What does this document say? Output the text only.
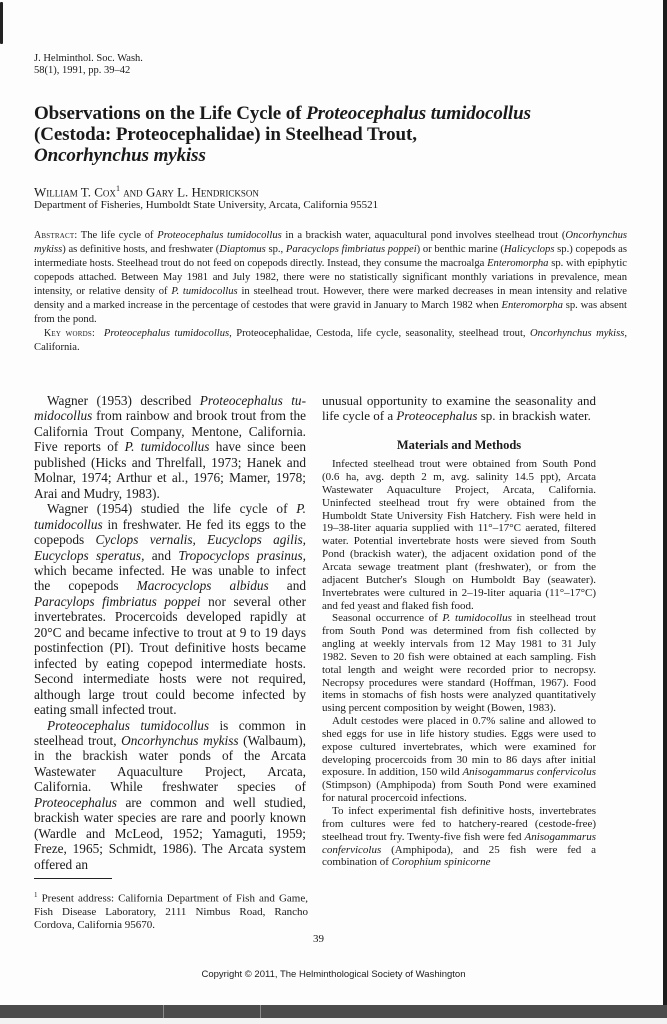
J. Helminthol. Soc. Wash.
58(1), 1991, pp. 39–42
Observations on the Life Cycle of Proteocephalus tumidocollus
(Cestoda: Proteocephalidae) in Steelhead Trout,
Oncorhynchus mykiss
William T. Cox$^1$ and Gary L. Hendrickson
Department of Fisheries, Humboldt State University, Arcata, California 95521
Abstract: The life cycle of Proteocephalus tumidocollus in a brackish water, aquacultural pond involves steelhead trout (Oncorhynchus mykiss) as definitive hosts, and freshwater (Diaptomus sp., Paracyclops fimbriatus poppei) or benthic marine (Halicyclops sp.) copepods as intermediate hosts. Steelhead trout do not feed on copepods directly. Instead, they consume the macroalga Enteromorpha sp. with epiphytic copepods attached. Between May 1981 and July 1982, there were no statistically significant monthly variations in prevalence, mean intensity, or relative density of P. tumidocollus in steelhead trout. However, there were marked decreases in mean intensity and relative density and a marked increase in the percentage of cestodes that were gravid in January to March 1982 when Enteromorpha sp. was absent from the pond.
Key words: Proteocephalus tumidocollus, Proteocephalidae, Cestoda, life cycle, seasonality, steelhead trout, Oncorhynchus mykiss, California.

Wagner (1953) described Proteocephalus tu-midocollus from rainbow and brook trout from the California Trout Company, Mentone, California. Five reports of P. tumidocollus have since been published (Hicks and Threlfall, 1973; Hanek and Molnar, 1974; Arthur et al., 1976; Mamer, 1978; Arai and Mudry, 1983).

Wagner (1954) studied the life cycle of P. tumidocollus in freshwater. He fed its eggs to the copepods Cyclops vernalis, Eucyclops agilis, Eucyclops speratus, and Tropocyclops prasinus, which became infected. He was unable to infect the copepods Macrocyclops albidus and Paracylops fimbriatus poppei nor several other invertebrates. Procercoids developed rapidly at 20°C and became infective to trout at 9 to 19 days postinfection (PI). Trout definitive hosts became infected by eating copepod intermediate hosts. Second intermediate hosts were not required, although large trout could become infected by eating small infected trout.

Proteocephalus tumidocollus is common in steelhead trout, Oncorhynchus mykiss (Walbaum), in the brackish water ponds of the Arcata Wastewater Aquaculture Project, Arcata, California. While freshwater species of Proteocephalus are common and well studied, brackish water species are rare and poorly known (Wardle and McLeod, 1952; Yamaguti, 1959; Freze, 1965; Schmidt, 1986). The Arcata system offered an

unusual opportunity to examine the seasonality and life cycle of a Proteocephalus sp. in brackish water.

Materials and Methods

Infected steelhead trout were obtained from South Pond (0.6 ha, avg. depth 2 m, avg. salinity 14.5 ppt), Arcata Wastewater Aquaculture Project, Arcata, California. Uninfected steelhead trout fry were obtained from the Humboldt State University Fish Hatchery. Fish were held in 19–38-liter aquaria supplied with 11°–17°C aerated, filtered water. Potential invertebrate hosts were sieved from South Pond (brackish water), the adjacent oxidation pond of the Arcata sewage treatment plant (freshwater), or from the adjacent Butcher's Slough on Humboldt Bay (seawater). Invertebrates were cultured in 2–19-liter aquaria (11°–17°C) and fed yeast and flaked fish food.

Seasonal occurrence of P. tumidocollus in steelhead trout from South Pond was determined from fish collected by angling at weekly intervals from 12 May 1981 to 31 July 1982. Seven to 20 fish were obtained at each sampling. Fish total length and weight were recorded prior to necropsy. Necropsy procedures were standard (Hoffman, 1967). Food items in stomachs of fish hosts were analyzed quantitatively using percent composition by weight (Bowen, 1983).

Adult cestodes were placed in 0.7% saline and allowed to shed eggs for use in life history studies. Eggs were used to expose cultured invertebrates, which were examined for developing procercoids from 30 min to 86 days after initial exposure. In addition, 150 wild Anisogammarus confervicolus (Stimpson) (Amphipoda) from South Pond were examined for natural procercoid infections.

To infect experimental fish definitive hosts, invertebrates from cultures were fed to hatchery-reared (cestode-free) steelhead trout fry. Twenty-five fish were fed Anisogammarus confervicolus (Amphipoda), and 25 fish were fed a combination of Corophium spinicorne

$^1$ Present address: California Department of Fish and Game, Fish Disease Laboratory, 2111 Nimbus Road, Rancho Cordova, California 95670.
39
Copyright © 2011, The Helminthological Society of Washington
